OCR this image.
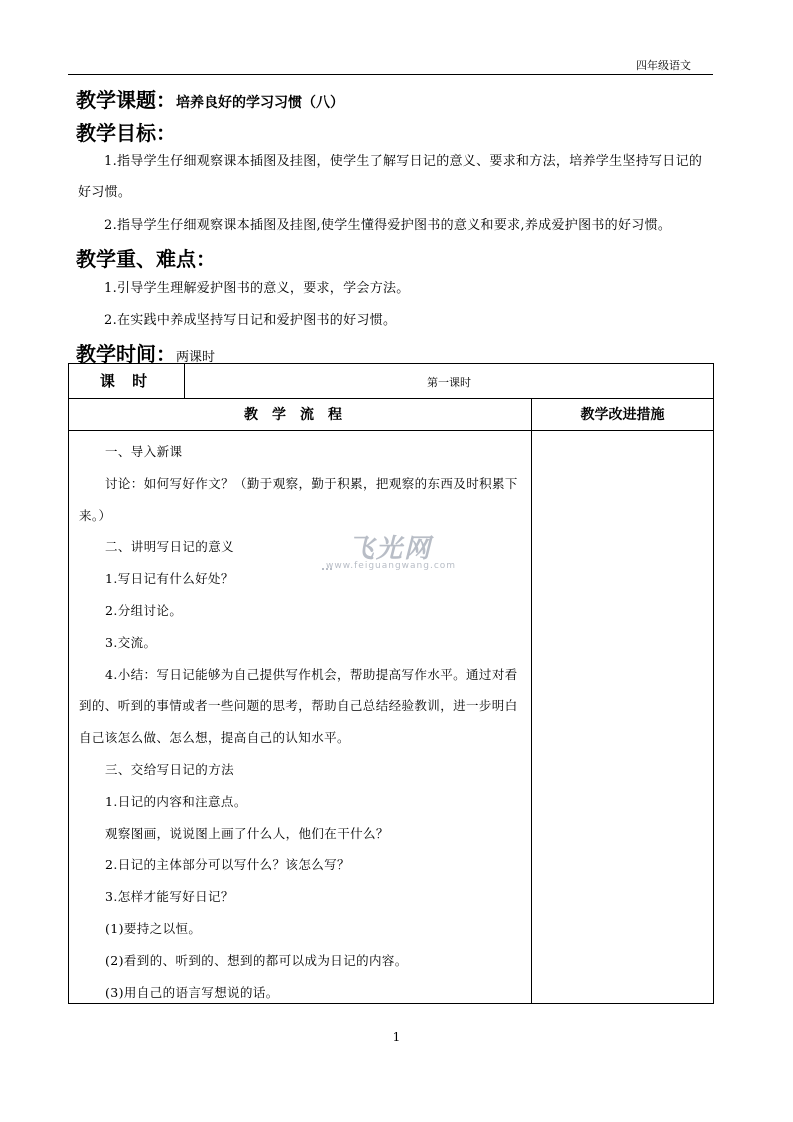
四年级语文
教学课题：培养良好的学习习惯（八）
教学目标：
1.指导学生仔细观察课本插图及挂图，使学生了解写日记的意义、要求和方法，培养学生坚持写日记的好习惯。
2.指导学生仔细观察课本插图及挂图,使学生懂得爱护图书的意义和要求,养成爱护图书的好习惯。
教学重、难点：
1.引导学生理解爱护图书的意义，要求，学会方法。
2.在实践中养成坚持写日记和爱护图书的好习惯。
教学时间：两课时
课 时	第一课时
教学流程	教学改进措施
一、导入新课
讨论：如何写好作文？（勤于观察，勤于积累，把观察的东西及时积累下来。）
二、讲明写日记的意义
1.写日记有什么好处？
2.分组讨论。
3.交流。
4.小结：写日记能够为自己提供写作机会，帮助提高写作水平。通过对看到的、听到的事情或者一些问题的思考，帮助自己总结经验教训，进一步明白自己该怎么做、怎么想，提高自己的认知水平。
三、交给写日记的方法
1.日记的内容和注意点。
观察图画，说说图上画了什么人，他们在干什么？
2.日记的主体部分可以写什么？该怎么写？
3.怎样才能写好日记？
(1)要持之以恒。
(2)看到的、听到的、想到的都可以成为日记的内容。
(3)用自己的语言写想说的话。
飞光网
www.feiguangwang.com
1
